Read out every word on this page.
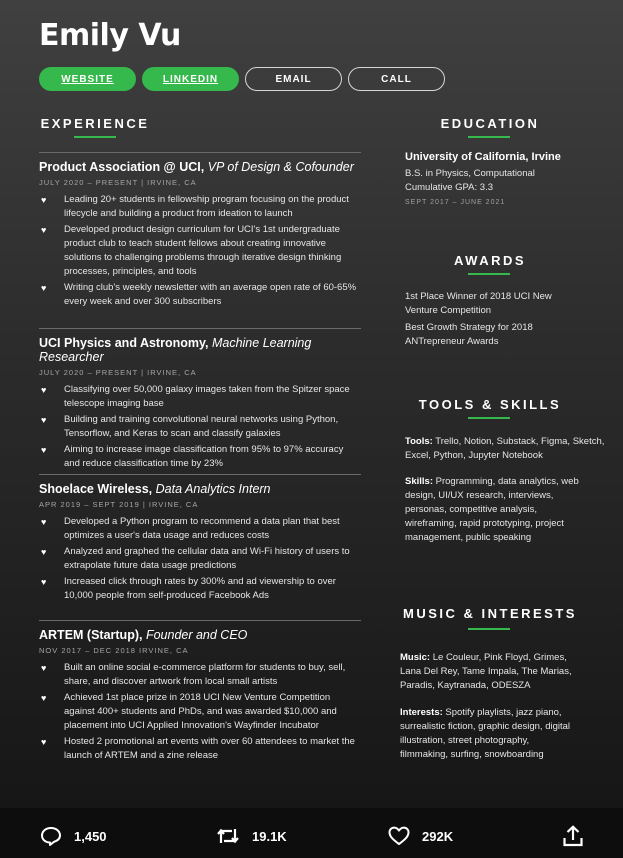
Emily Vu
WEBSITE	LINKEDIN	EMAIL	CALL
EXPERIENCE
Product Association @ UCI, VP of Design & Cofounder
JULY 2020 – PRESENT | IRVINE, CA
♥ Leading 20+ students in fellowship program focusing on the product lifecycle and building a product from ideation to launch
♥ Developed product design curriculum for UCI's 1st undergraduate product club to teach student fellows about creating innovative solutions to challenging problems through iterative design thinking processes, principles, and tools
♥ Writing club's weekly newsletter with an average open rate of 60-65% every week and over 300 subscribers
UCI Physics and Astronomy, Machine Learning Researcher
JULY 2020 – PRESENT | IRVINE, CA
♥ Classifying over 50,000 galaxy images taken from the Spitzer space telescope imaging base
♥ Building and training convolutional neural networks using Python, Tensorflow, and Keras to scan and classify galaxies
♥ Aiming to increase image classification from 95% to 97% accuracy and reduce classification time by 23%
Shoelace Wireless, Data Analytics Intern
APR 2019 – SEPT 2019 | IRVINE, CA
♥ Developed a Python program to recommend a data plan that best optimizes a user's data usage and reduces costs
♥ Analyzed and graphed the cellular data and Wi-Fi history of users to extrapolate future data usage predictions
♥ Increased click through rates by 300% and ad viewership to over 10,000 people from self-produced Facebook Ads
ARTEM (Startup), Founder and CEO
NOV 2017 – DEC 2018 IRVINE, CA
♥ Built an online social e-commerce platform for students to buy, sell, share, and discover artwork from local small artists
♥ Achieved 1st place prize in 2018 UCI New Venture Competition against 400+ students and PhDs, and was awarded $10,000 and placement into UCI Applied Innovation's Wayfinder Incubator
♥ Hosted 2 promotional art events with over 60 attendees to market the launch of ARTEM and a zine release
EDUCATION
University of California, Irvine
B.S. in Physics, Computational
Cumulative GPA: 3.3
SEPT 2017 – JUNE 2021
AWARDS
1st Place Winner of 2018 UCI New Venture Competition
Best Growth Strategy for 2018 ANTrepreneur Awards
TOOLS & SKILLS
Tools: Trello, Notion, Substack, Figma, Sketch, Excel, Python, Jupyter Notebook
Skills: Programming, data analytics, web design, UI/UX research, interviews, personas, competitive analysis, wireframing, rapid prototyping, project management, public speaking
MUSIC & INTERESTS
Music: Le Couleur, Pink Floyd, Grimes, Lana Del Rey, Tame Impala, The Marias, Paradis, Kaytranada, ODESZA
Interests: Spotify playlists, jazz piano, surrealistic fiction, graphic design, digital illustration, street photography, filmmaking, surfing, snowboarding
1,450	19.1K	292K
